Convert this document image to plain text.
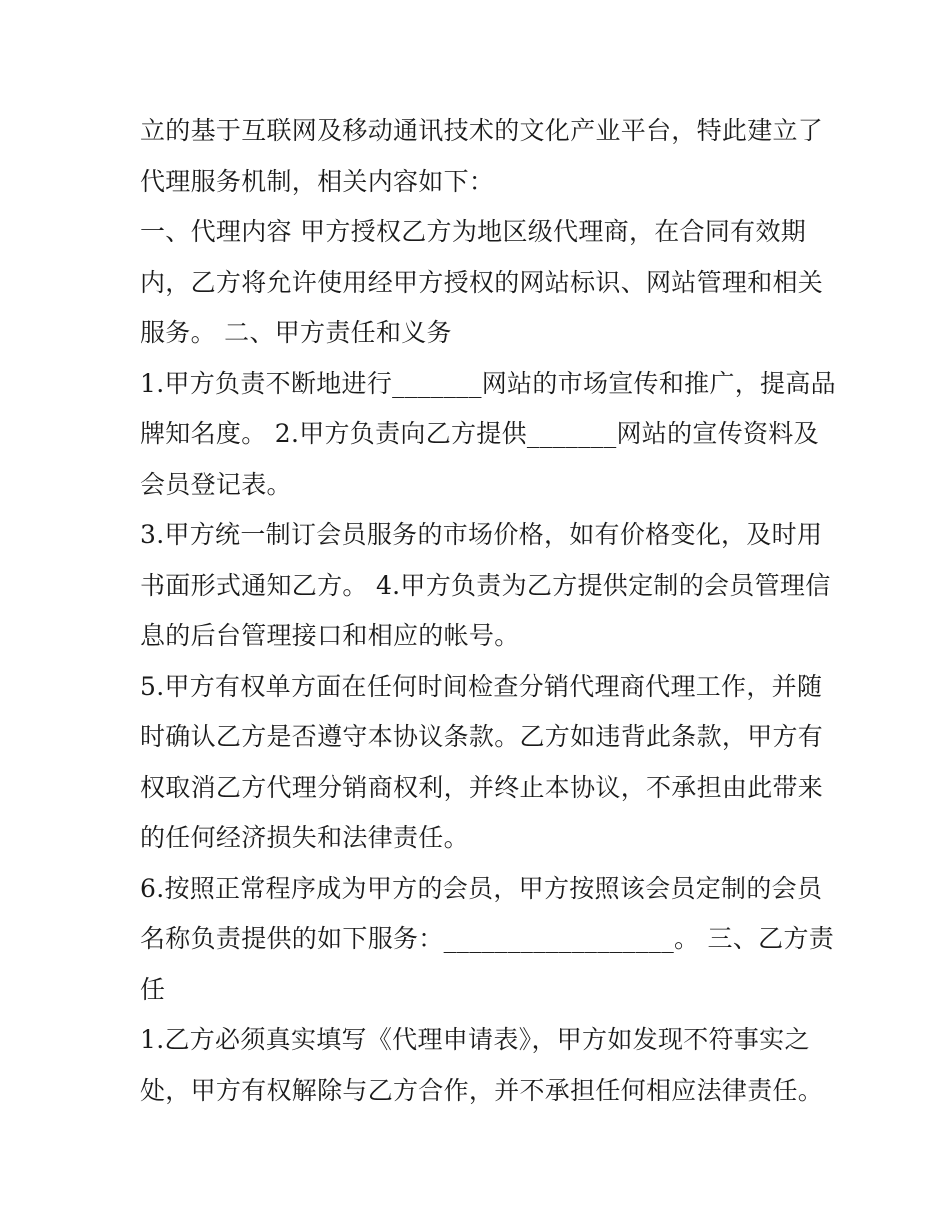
立的基于互联网及移动通讯技术的文化产业平台，特此建立了
代理服务机制，相关内容如下：
一、代理内容 甲方授权乙方为地区级代理商，在合同有效期
内，乙方将允许使用经甲方授权的网站标识、网站管理和相关
服务。 二、甲方责任和义务
1.甲方负责不断地进行_______网站的市场宣传和推广，提高品
牌知名度。 2.甲方负责向乙方提供_______网站的宣传资料及
会员登记表。
3.甲方统一制订会员服务的市场价格，如有价格变化，及时用
书面形式通知乙方。 4.甲方负责为乙方提供定制的会员管理信
息的后台管理接口和相应的帐号。
5.甲方有权单方面在任何时间检查分销代理商代理工作，并随
时确认乙方是否遵守本协议条款。乙方如违背此条款，甲方有
权取消乙方代理分销商权利，并终止本协议，不承担由此带来
的任何经济损失和法律责任。
6.按照正常程序成为甲方的会员，甲方按照该会员定制的会员
名称负责提供的如下服务：__________________。 三、乙方责
任
1.乙方必须真实填写《代理申请表》，甲方如发现不符事实之
处，甲方有权解除与乙方合作，并不承担任何相应法律责任。
